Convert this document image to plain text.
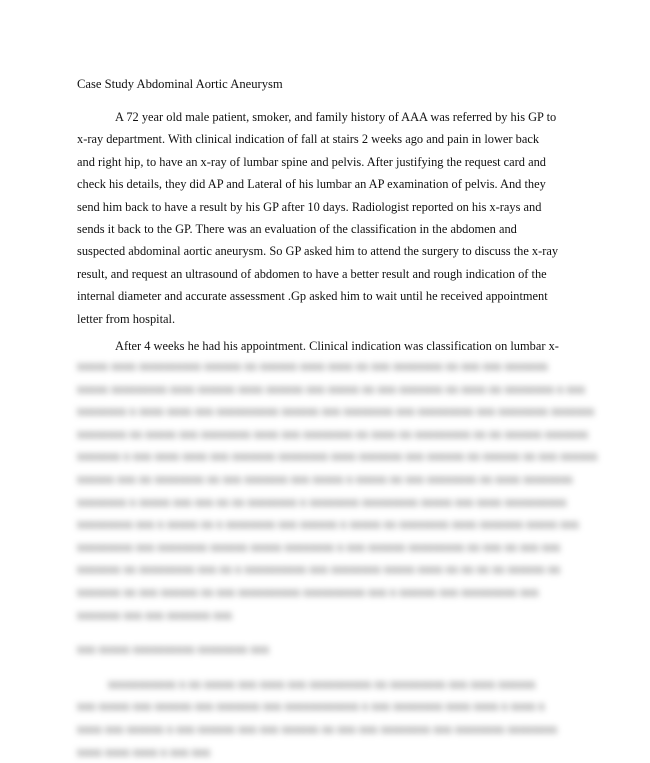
Case Study Abdominal Aortic Aneurysm
A 72 year old male patient, smoker, and family history of AAA was referred by his GP to
x-ray department. With clinical indication of fall at stairs 2 weeks ago and pain in lower back
and right hip, to have an x-ray of lumbar spine and pelvis. After justifying the request card and
check his details, they did AP and Lateral of his lumbar an AP examination of pelvis. And they
send him back to have a result by his GP after 10 days. Radiologist reported on his x-rays and
sends it back to the GP. There was an evaluation of the classification in the abdomen and
suspected abdominal aortic aneurysm. So GP asked him to attend the surgery to discuss the x-ray
result, and request an ultrasound of abdomen to have a better result and rough indication of the
internal diameter and accurate assessment .Gp asked him to wait until he received appointment
letter from hospital.
After 4 weeks he had his appointment. Clinical indication was classification on lumbar x-
xxxxx xxxx xxxxxxxxxx xxxxxx xx xxxxxx xxxx xxxx xx xxx xxxxxxxx xx xxx xxx xxxxxxx
xxxxx xxxxxxxxx xxxx xxxxxx xxxx xxxxxx xxx xxxxx xx xxx xxxxxxx xx xxxx xx xxxxxxxx x xxx
xxxxxxxx x xxxx xxxx xxx xxxxxxxxxx xxxxxx xxx xxxxxxxx xxx xxxxxxxxx xxx xxxxxxxx xxxxxxx
xxxxxxxx xx xxxxx xxx xxxxxxxx xxxx xxx xxxxxxxx xx xxxx xx xxxxxxxxx xx xx xxxxxx xxxxxxx
xxxxxxx x xxx xxxx xxxx xxx xxxxxxx xxxxxxxx xxxx xxxxxxx xxx xxxxxx xx xxxxxx xx xxx xxxxxx
xxxxxx xxx xx xxxxxxxx xx xxx xxxxxxx xxx xxxxx x xxxxx xx xxx xxxxxxxx xx xxxx xxxxxxxx
xxxxxxxx x xxxxx xxx xxx xx xx xxxxxxxx x xxxxxxxx xxxxxxxxx xxxxx xxx xxxx xxxxxxxxxx
xxxxxxxxx xxx x xxxxx xx x xxxxxxxx xxx xxxxxx x xxxxx xx xxxxxxxx xxxx xxxxxxx xxxxx xxx
xxxxxxxxx xxx xxxxxxxx xxxxxx xxxxx xxxxxxxx x xxx xxxxxx xxxxxxxxx xx xxx xx xxx xxx
xxxxxxx xx xxxxxxxxx xxx xx x xxxxxxxxxx xxx xxxxxxxx xxxxx xxxx xx xx xx xx xxxxxx xx
xxxxxxx xx xxx xxxxxx xx xxx xxxxxxxxxx xxxxxxxxxx xxx x xxxxxx xxx xxxxxxxxx xxx
xxxxxxx xxx xxx xxxxxxx xxx
xxx xxxxx xxxxxxxxxx xxxxxxxx xxx
xxxxxxxxxxx x xx xxxxx xxx xxxx xxx xxxxxxxxxx xx xxxxxxxxx xxx xxxx xxxxxx
xxx xxxxx xxx xxxxxx xxx xxxxxxx xxx xxxxxxxxxxxx x xxx xxxxxxxx xxxx xxxx x xxxx x
xxxx xxx xxxxxx x xxx xxxxxx xxx xxx xxxxxx xx xxx xxx xxxxxxxx xxx xxxxxxxx xxxxxxxx
xxxx xxxx xxxx x xxx xxx
